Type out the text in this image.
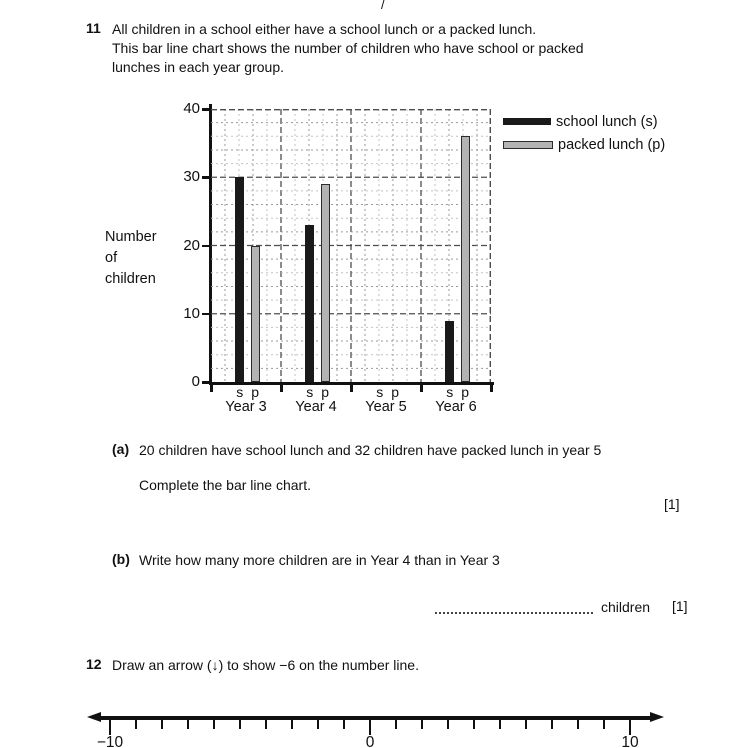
/
11 All children in a school either have a school lunch or a packed lunch.
This bar line chart shows the number of children who have school or packed
lunches in each year group.
Number of
children
40
30
20
10
0
s p
Year 3
s p
Year 4
s p
Year 5
s p
Year 6
school lunch (s)
packed lunch (p)
(a) 20 children have school lunch and 32 children have packed lunch in year 5
Complete the bar line chart.
[1]
(b) Write how many more children are in Year 4 than in Year 3
children [1]
12 Draw an arrow (↓) to show −6 on the number line.
−10	0	10
